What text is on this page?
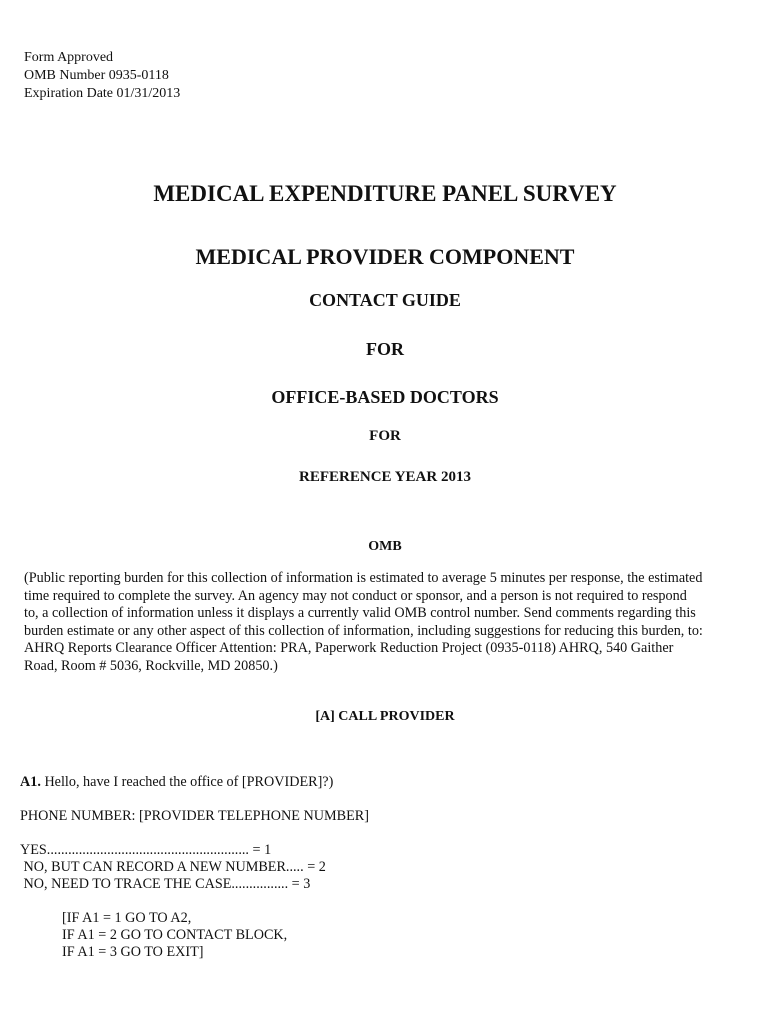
Form Approved
OMB Number 0935-0118
Expiration Date 01/31/2013
MEDICAL EXPENDITURE PANEL SURVEY
MEDICAL PROVIDER COMPONENT
CONTACT GUIDE
FOR
OFFICE-BASED DOCTORS
FOR
REFERENCE YEAR 2013
OMB
(Public reporting burden for this collection of information is estimated to average 5 minutes per response, the estimated
time required to complete the survey. An agency may not conduct or sponsor, and a person is not required to respond
to, a collection of information unless it displays a currently valid OMB control number. Send comments regarding this
burden estimate or any other aspect of this collection of information, including suggestions for reducing this burden, to:
AHRQ Reports Clearance Officer Attention: PRA, Paperwork Reduction Project (0935-0118) AHRQ, 540 Gaither
Road, Room # 5036, Rockville, MD 20850.)
[A] CALL PROVIDER
A1. Hello, have I reached the office of [PROVIDER]?)
PHONE NUMBER: [PROVIDER TELEPHONE NUMBER]
YES......................................................... = 1
NO, BUT CAN RECORD A NEW NUMBER..... = 2
NO, NEED TO TRACE THE CASE................ = 3
[IF A1 = 1 GO TO A2,
IF A1 = 2 GO TO CONTACT BLOCK,
IF A1 = 3 GO TO EXIT]
